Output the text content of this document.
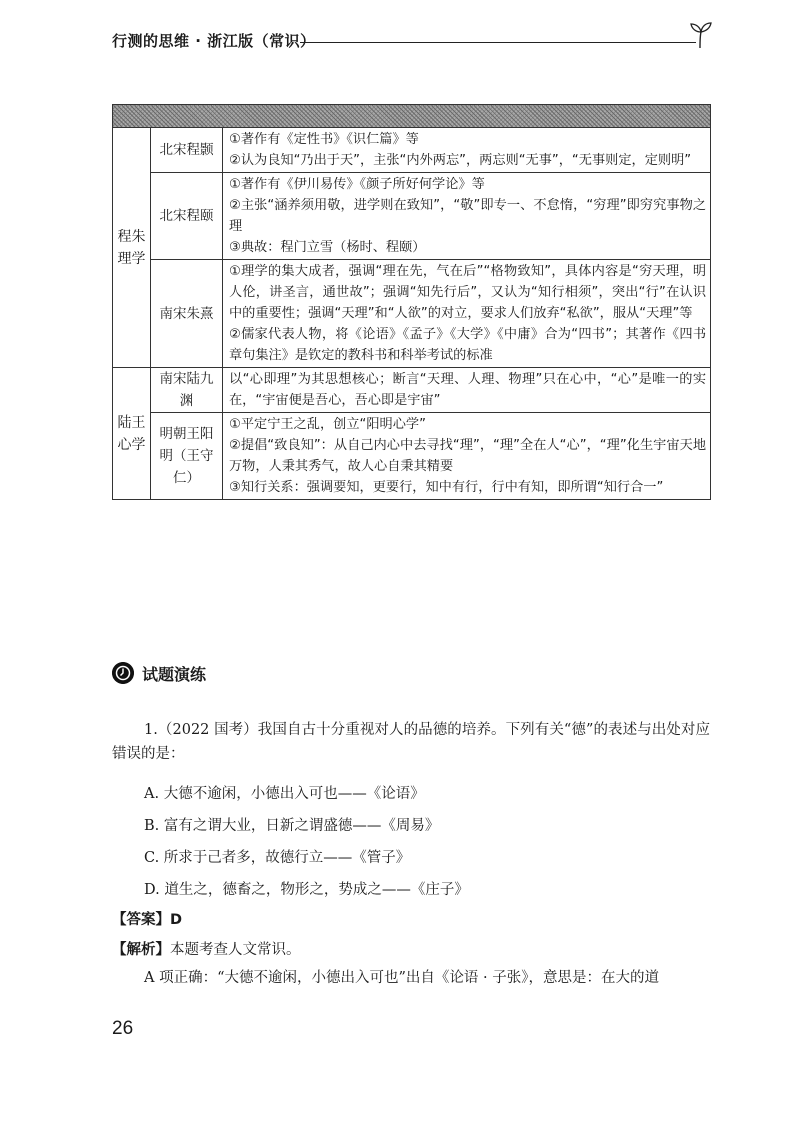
行测的思维 · 浙江版（常识）

程朱理学	北宋程颢	①著作有《定性书》《识仁篇》等
②认为良知“乃出于天”，主张“内外两忘”，两忘则“无事”，“无事则定，定则明”

	北宋程颐	①著作有《伊川易传》《颜子所好何学论》等
②主张“涵养须用敬，进学则在致知”，“敬”即专一、不怠惰，“穷理”即穷究事物之理
③典故：程门立雪（杨时、程颐）

	南宋朱熹	①理学的集大成者，强调“理在先，气在后”“格物致知”，具体内容是“穷天理，明人伦，讲圣言，通世故”；强调“知先行后”，又认为“知行相须”，突出“行”在认识中的重要性；强调“天理”和“人欲”的对立，要求人们放弃“私欲”，服从“天理”等
②儒家代表人物，将《论语》《孟子》《大学》《中庸》合为“四书”；其著作《四书章句集注》是钦定的教科书和科举考试的标准

陆王心学	南宋陆九渊	以“心即理”为其思想核心；断言“天理、人理、物理”只在心中，“心”是唯一的实在，“宇宙便是吾心，吾心即是宇宙”

	明朝王阳明（王守仁）	①平定宁王之乱，创立“阳明心学”
②提倡“致良知”：从自己内心中去寻找“理”，“理”全在人“心”，“理”化生宇宙天地万物，人秉其秀气，故人心自秉其精要
③知行关系：强调要知，更要行，知中有行，行中有知，即所谓“知行合一”
试题演练
1.（2022 国考）我国自古十分重视对人的品德的培养。下列有关“德”的表述与出处对应错误的是：
A. 大德不逾闲，小德出入可也——《论语》
B. 富有之谓大业，日新之谓盛德——《周易》
C. 所求于己者多，故德行立——《管子》
D. 道生之，德畜之，物形之，势成之——《庄子》
【答案】D
【解析】本题考查人文常识。
A 项正确：“大德不逾闲，小德出入可也”出自《论语 · 子张》，意思是：在大的道
26
